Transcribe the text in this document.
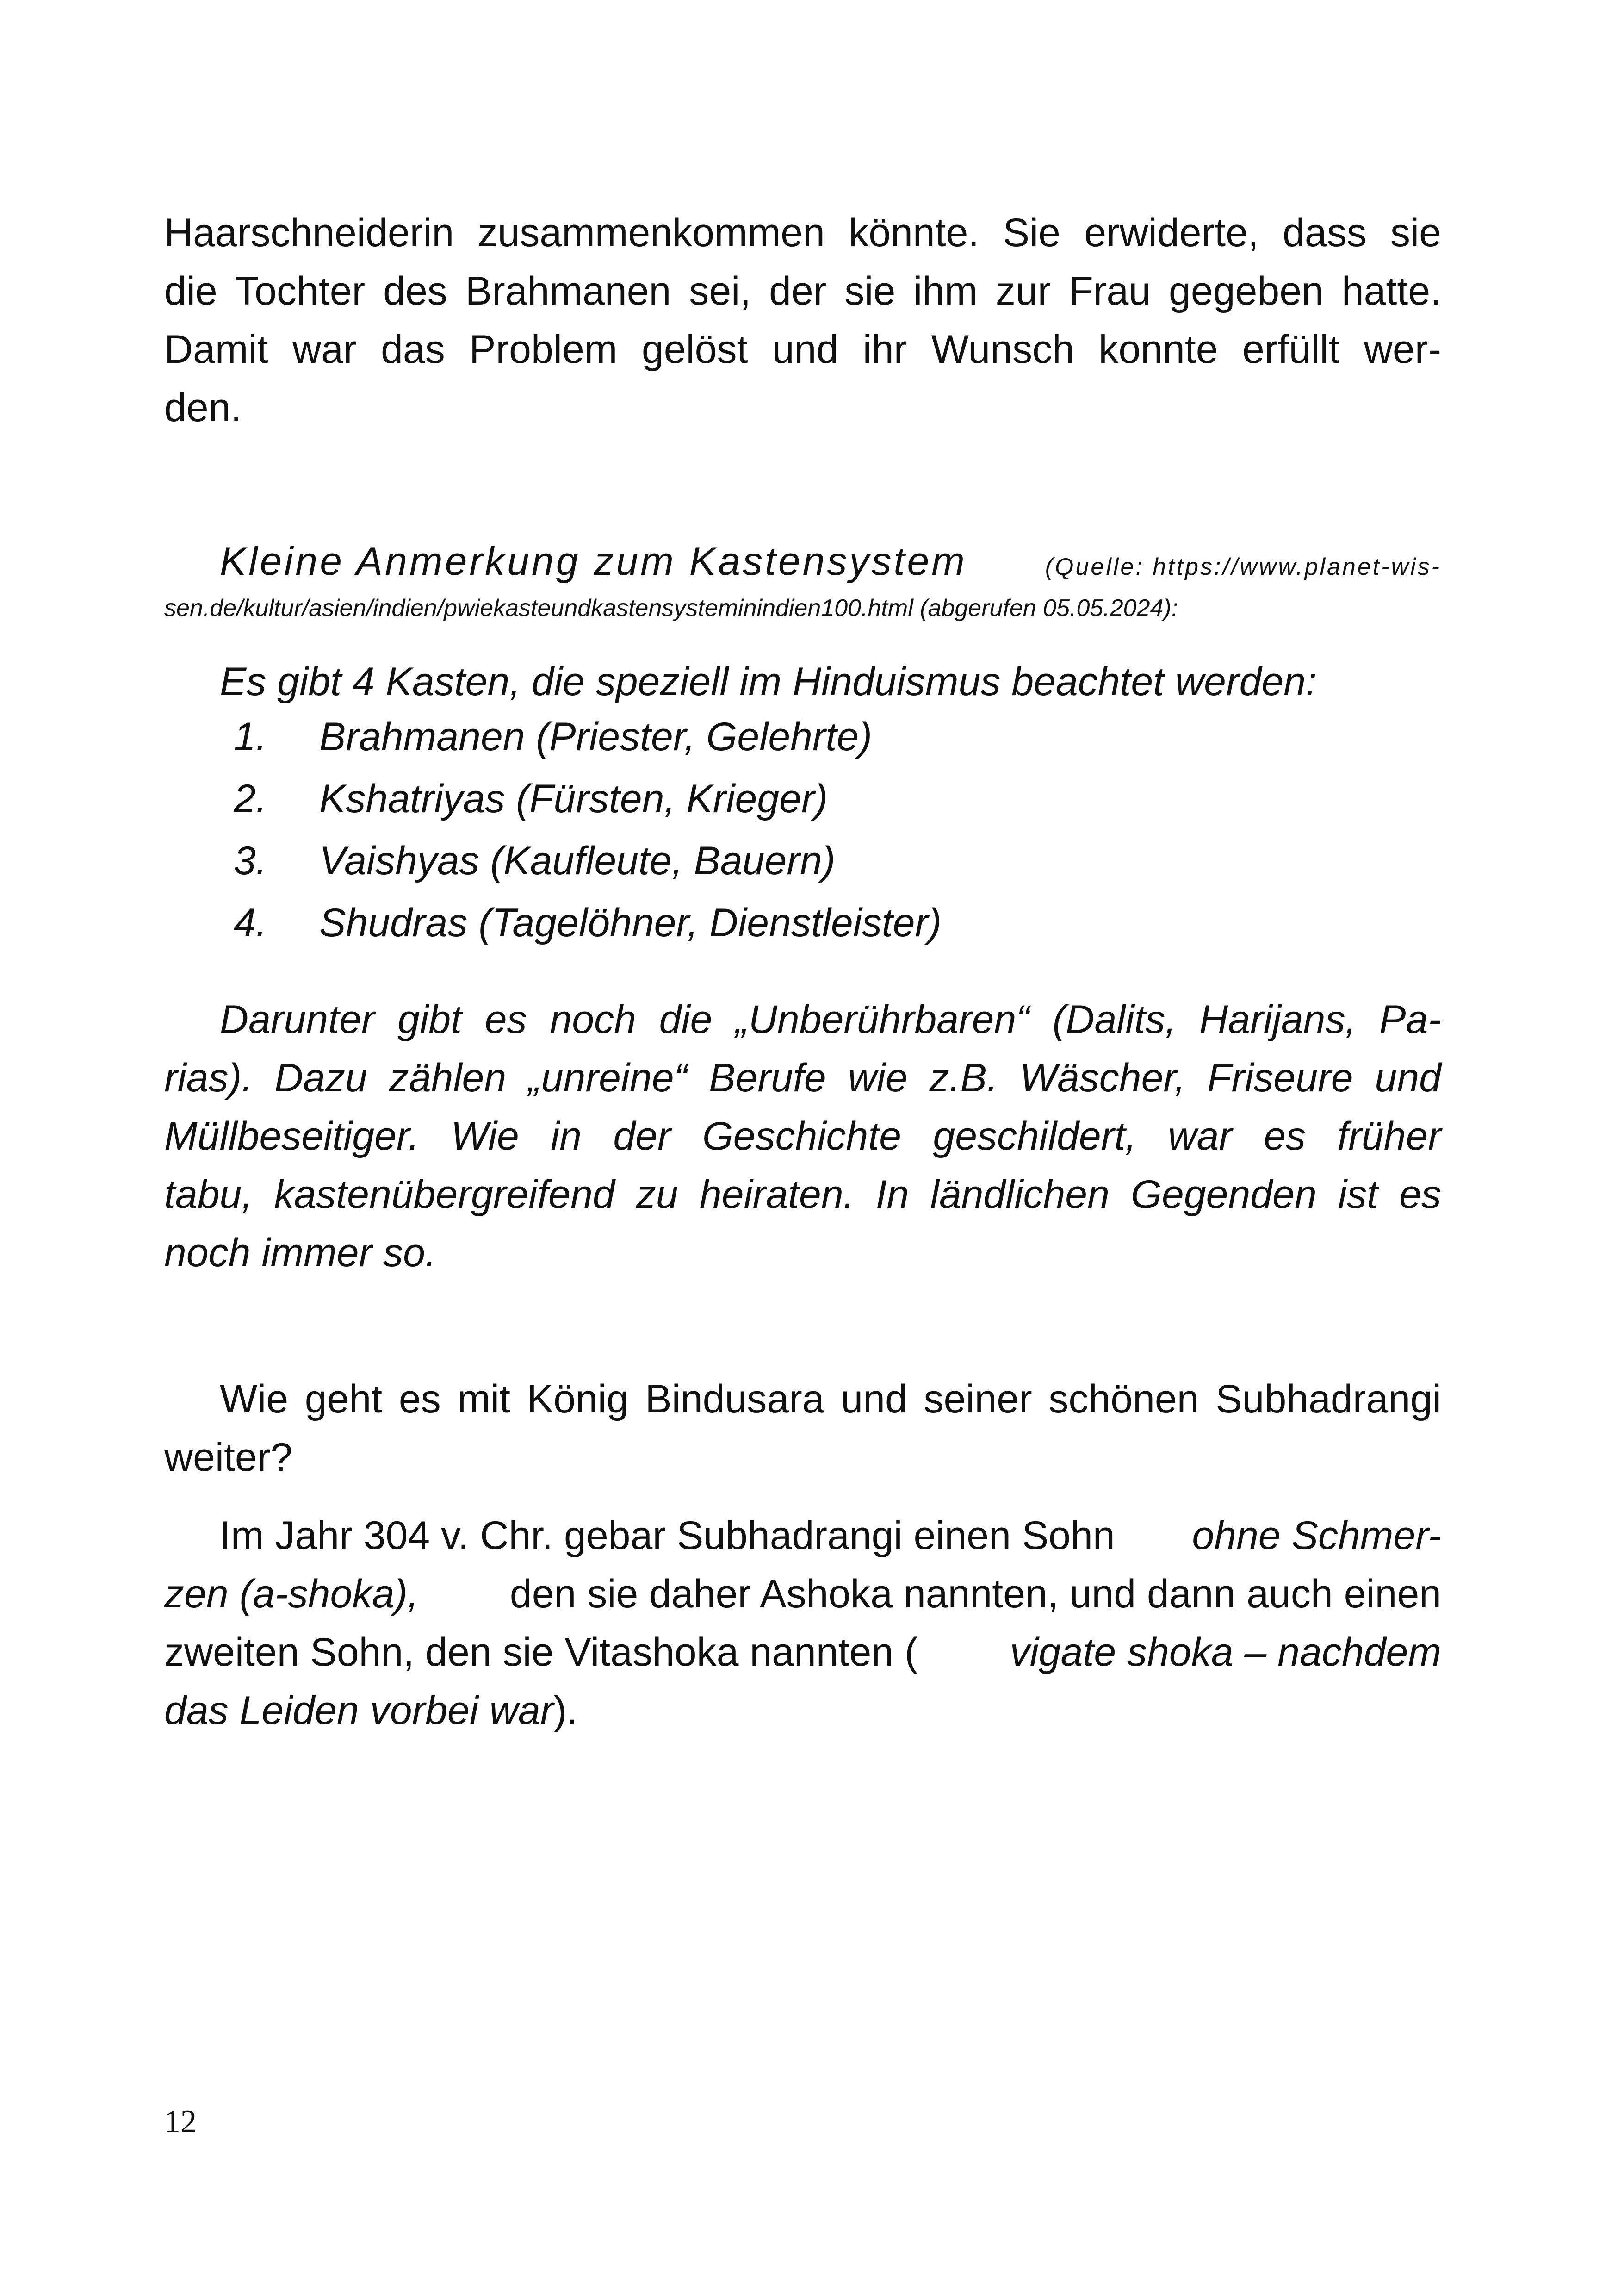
Haarschneiderin zusammenkommen könnte. Sie erwiderte, dass sie
die Tochter des Brahmanen sei, der sie ihm zur Frau gegeben hatte.
Damit war das Problem gelöst und ihr Wunsch konnte erfüllt wer-
den.
Kleine Anmerkung zum Kastensystem	(Quelle: https://www.planet-wis-
sen.de/kultur/asien/indien/pwiekasteundkastensysteminindien100.html (abgerufen 05.05.2024):
Es gibt 4 Kasten, die speziell im Hinduismus beachtet werden:
1. Brahmanen (Priester, Gelehrte)
2. Kshatriyas (Fürsten, Krieger)
3. Vaishyas (Kaufleute, Bauern)
4. Shudras (Tagelöhner, Dienstleister)
Darunter gibt es noch die „Unberührbaren“ (Dalits, Harijans, Pa-
rias). Dazu zählen „unreine“ Berufe wie z.B. Wäscher, Friseure und
Müllbeseitiger. Wie in der Geschichte geschildert, war es früher
tabu, kastenübergreifend zu heiraten. In ländlichen Gegenden ist es
noch immer so.
Wie geht es mit König Bindusara und seiner schönen Subhadrangi
weiter?
Im Jahr 304 v. Chr. gebar Subhadrangi einen Sohn ohne Schmer-
zen (a-shoka), den sie daher Ashoka nannten, und dann auch einen
zweiten Sohn, den sie Vitashoka nannten ( vigate shoka – nachdem
das Leiden vorbei war).
12
